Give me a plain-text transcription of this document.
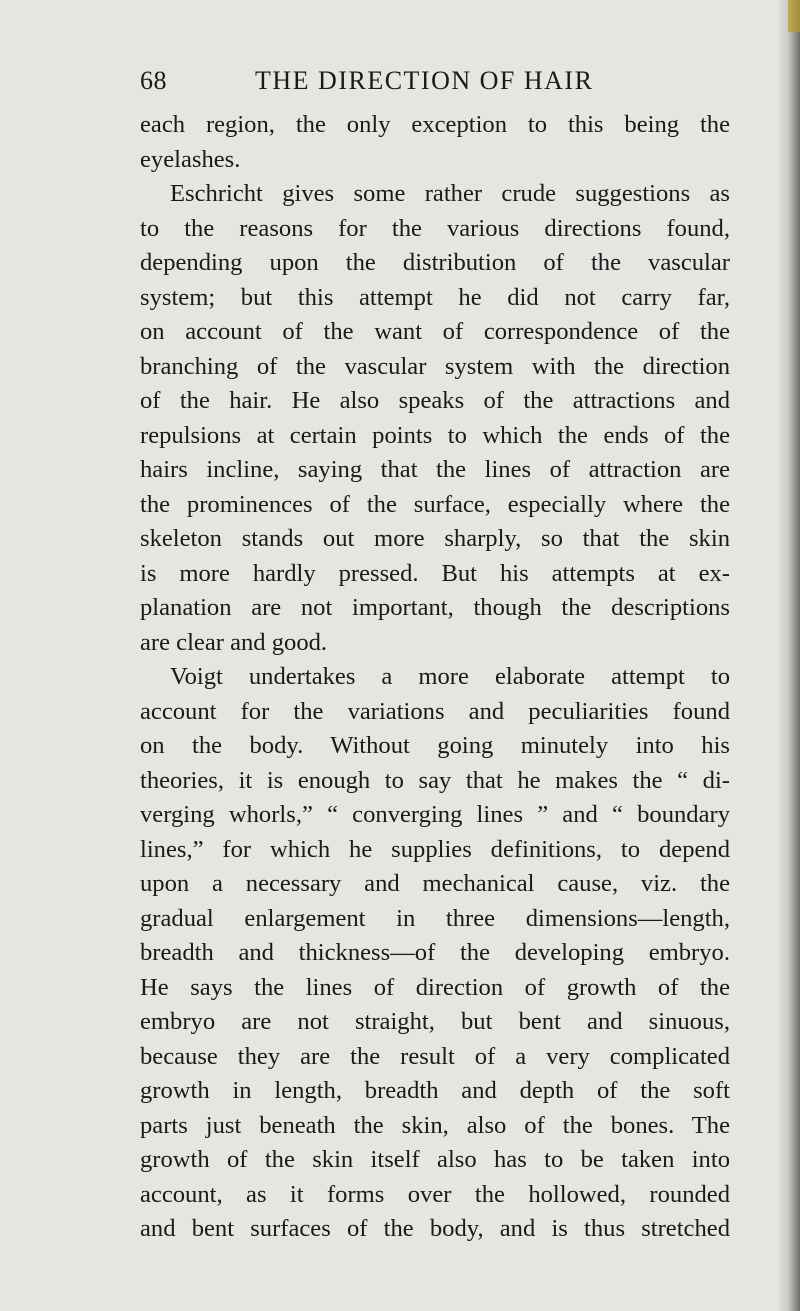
68	THE DIRECTION OF HAIR
each region, the only exception to this being the
eyelashes.
Eschricht gives some rather crude suggestions as
to the reasons for the various directions found,
depending upon the distribution of the vascular
system; but this attempt he did not carry far,
on account of the want of correspondence of the
branching of the vascular system with the direction
of the hair. He also speaks of the attractions and
repulsions at certain points to which the ends of the
hairs incline, saying that the lines of attraction are
the prominences of the surface, especially where the
skeleton stands out more sharply, so that the skin
is more hardly pressed. But his attempts at ex-
planation are not important, though the descriptions
are clear and good.
Voigt undertakes a more elaborate attempt to
account for the variations and peculiarities found
on the body. Without going minutely into his
theories, it is enough to say that he makes the “ di-
verging whorls,” “ converging lines ” and “ boundary
lines,” for which he supplies definitions, to depend
upon a necessary and mechanical cause, viz. the
gradual enlargement in three dimensions—length,
breadth and thickness—of the developing embryo.
He says the lines of direction of growth of the
embryo are not straight, but bent and sinuous,
because they are the result of a very complicated
growth in length, breadth and depth of the soft
parts just beneath the skin, also of the bones. The
growth of the skin itself also has to be taken into
account, as it forms over the hollowed, rounded
and bent surfaces of the body, and is thus stretched
